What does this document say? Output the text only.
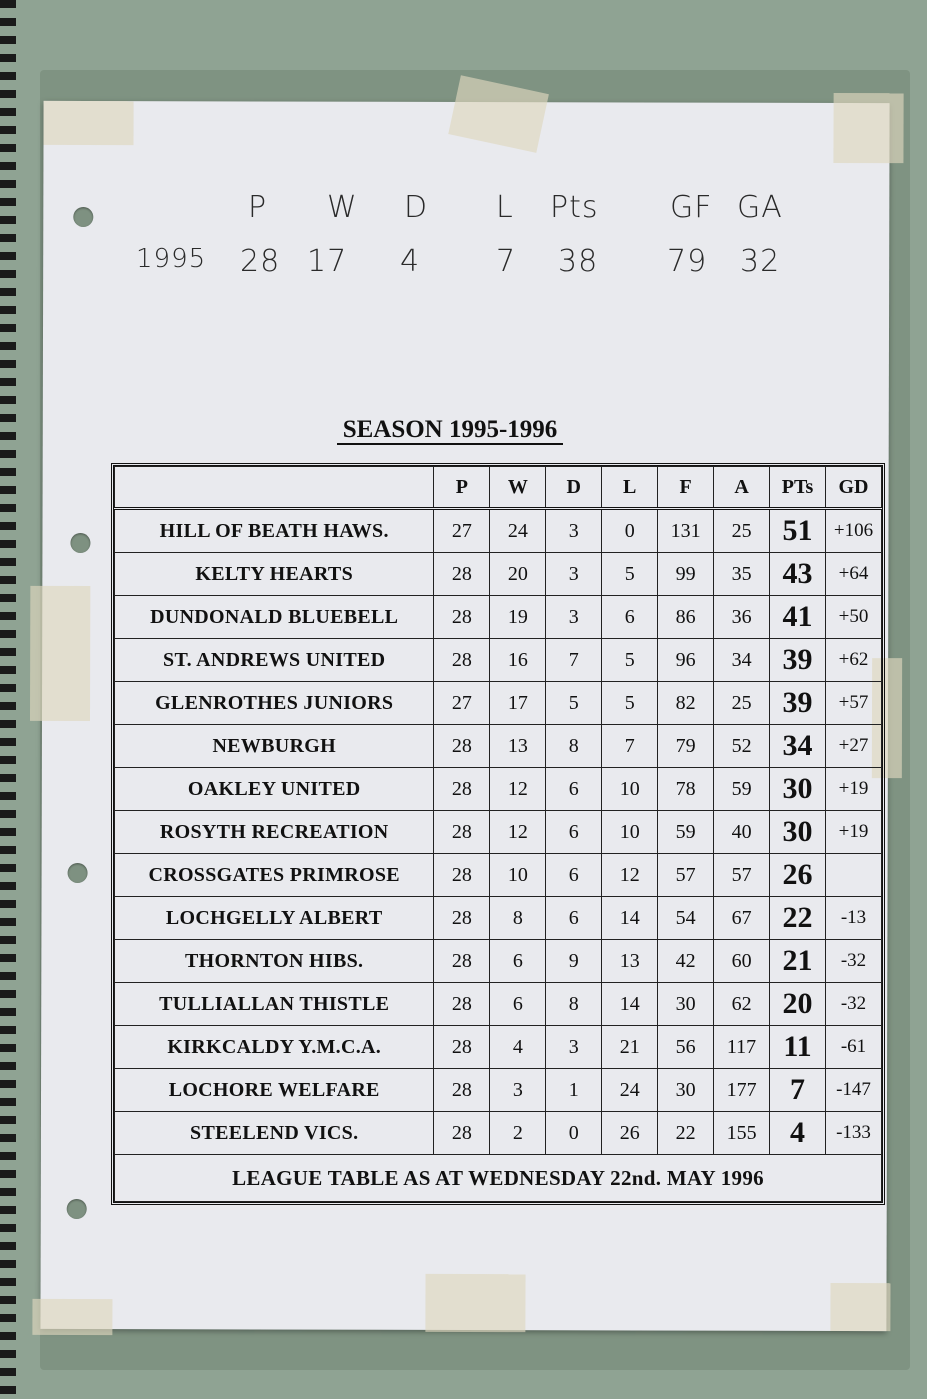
P W D L Pts GF GA
1995 28 17 4	7 38 79 32
SEASON 1995-1996
	P	W	D	L	F	A	PTs	GD
HILL OF BEATH HAWS.	27	24	3	0	131	25	51	+106
KELTY HEARTS	28	20	3	5	99	35	43	+64
DUNDONALD BLUEBELL	28	19	3	6	86	36	41	+50
ST. ANDREWS UNITED	28	16	7	5	96	34	39	+62
GLENROTHES JUNIORS	27	17	5	5	82	25	39	+57
NEWBURGH	28	13	8	7	79	52	34	+27
OAKLEY UNITED	28	12	6	10	78	59	30	+19
ROSYTH RECREATION	28	12	6	10	59	40	30	+19
CROSSGATES PRIMROSE	28	10	6	12	57	57	26	
LOCHGELLY ALBERT	28	8	6	14	54	67	22	-13
THORNTON HIBS.	28	6	9	13	42	60	21	-32
TULLIALLAN THISTLE	28	6	8	14	30	62	20	-32
KIRKCALDY Y.M.C.A.	28	4	3	21	56	117	11	-61
LOCHORE WELFARE	28	3	1	24	30	177	7	-147
STEELEND VICS.	28	2	0	26	22	155	4	-133
LEAGUE TABLE AS AT WEDNESDAY 22nd. MAY 1996								
